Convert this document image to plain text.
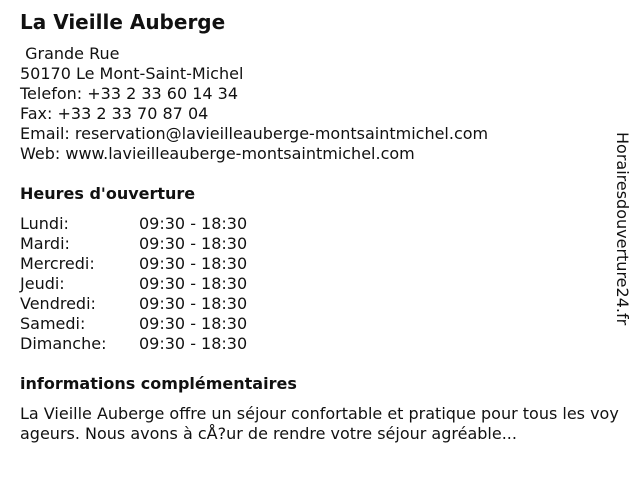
La Vieille Auberge
Grande Rue
50170 Le Mont-Saint-Michel
Telefon: +33 2 33 60 14 34
Fax: +33 2 33 70 87 04
Email: reservation@lavieilleauberge-montsaintmichel.com
Web: www.lavieilleauberge-montsaintmichel.com
Heures d'ouverture
Lundi:	09:30 - 18:30
Mardi:	09:30 - 18:30
Mercredi:	09:30 - 18:30
Jeudi:	09:30 - 18:30
Vendredi:	09:30 - 18:30
Samedi:	09:30 - 18:30
Dimanche: 09:30 - 18:30
informations complémentaires

La Vieille Auberge offre un séjour confortable et pratique pour tous les voyageurs. Nous avons à cÅ?ur de rendre votre séjour agréable...

Horairesdouverture24.fr
